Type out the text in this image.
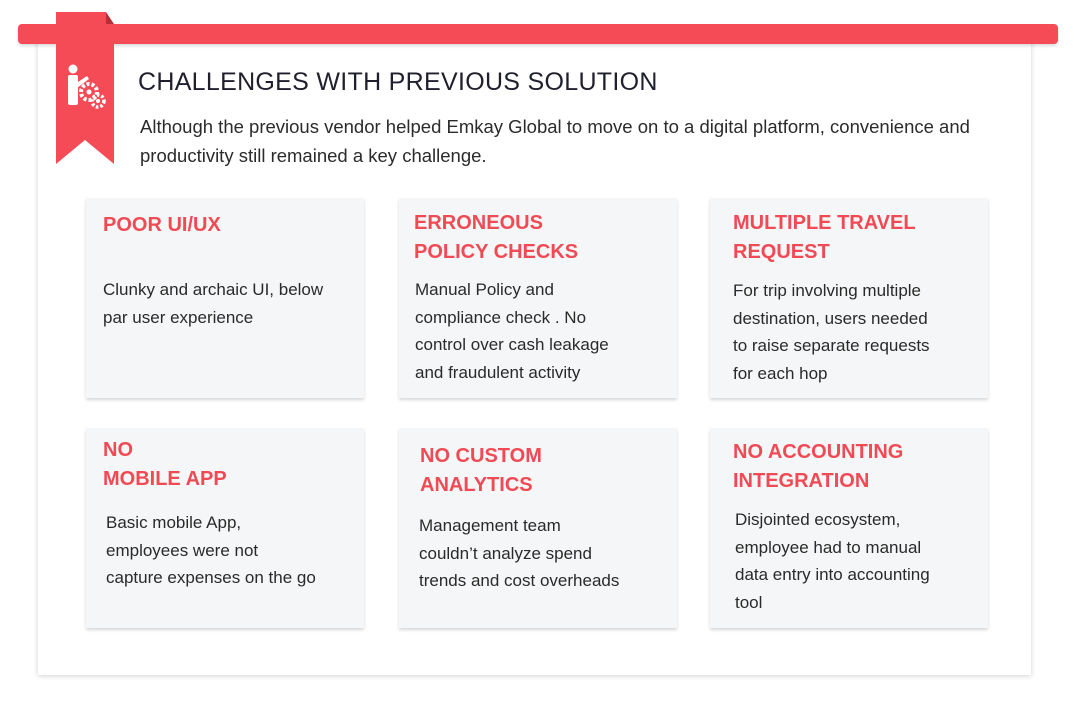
CHALLENGES WITH PREVIOUS SOLUTION

Although the previous vendor helped Emkay Global to move on to a digital platform, convenience and productivity still remained a key challenge.

POOR UI/UX

Clunky and archaic UI, below
par user experience

ERRONEOUS
POLICY CHECKS

Manual Policy and
compliance check . No
control over cash leakage
and fraudulent activity

MULTIPLE TRAVEL
REQUEST

For trip involving multiple
destination, users needed
to raise separate requests
for each hop

NO
MOBILE APP

Basic mobile App,
employees were not
capture expenses on the go

NO CUSTOM
ANALYTICS

Management team
couldn’t analyze spend
trends and cost overheads

NO ACCOUNTING
INTEGRATION

Disjointed ecosystem,
employee had to manual
data entry into accounting
tool
